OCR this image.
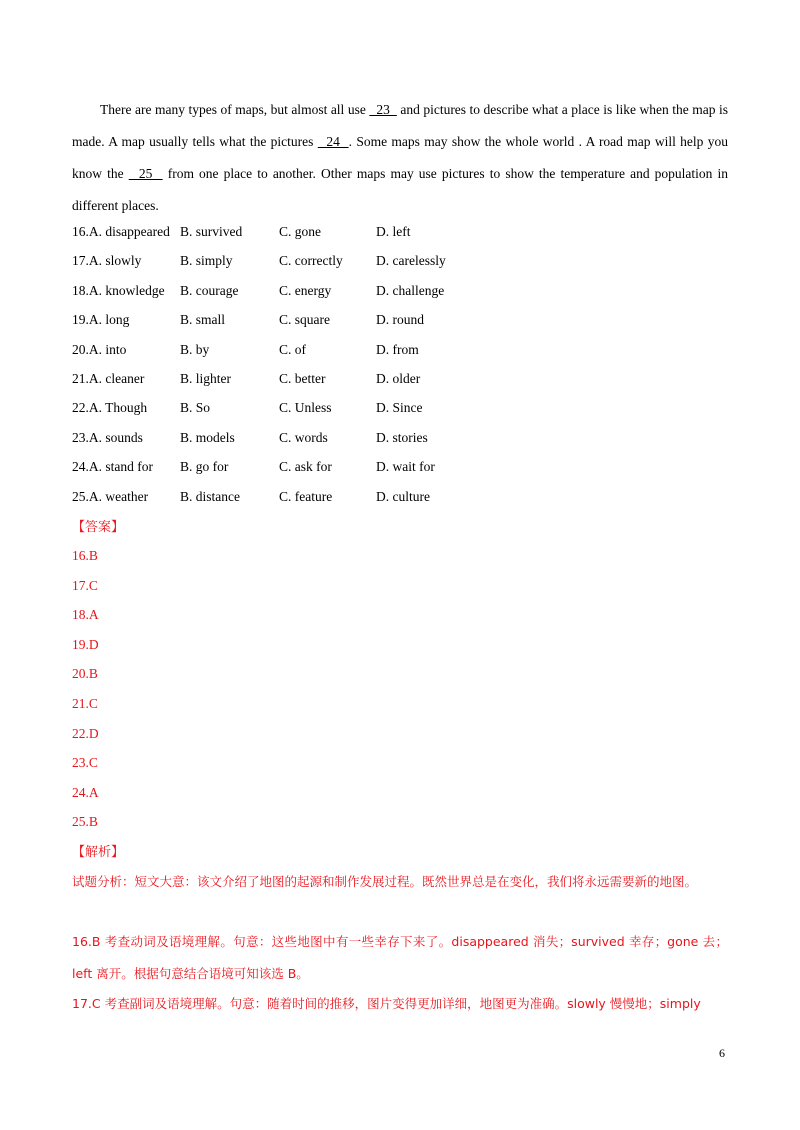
There are many types of maps, but almost all use   23   and pictures to describe what a place is like when the map is made. A map usually tells what the pictures   24  . Some maps may show the whole world . A road map will help you know the   25   from one place to another. Other maps may use pictures to show the temperature and population in different places.

16.A. disappeared B. survived	C. gone	D. left
17.A. slowly	B. simply	C. correctly D. carelessly
18.A. knowledge B. courage	C. energy	D. challenge
19.A. long	B. small	C. square	D. round
20.A. into	B. by	C. of	D. from
21.A. cleaner	B. lighter	C. better	D. older
22.A. Though B. So	C. Unless	D. Since
23.A. sounds	B. models	C. words	D. stories
24.A. stand for B. go for	C. ask for	D. wait for
25.A. weather B. distance	C. feature	D. culture
【答案】
16.B
17.C
18.A
19.D
20.B
21.C
22.D
23.C
24.A
25.B
【解析】

试题分析：短文大意：该文介绍了地图的起源和制作发展过程。既然世界总是在变化，我们将永远需要新的地图。

16.B 考查动词及语境理解。句意：这些地图中有一些幸存下来了。disappeared 消失；survived 幸存；gone 去；left 离开。根据句意结合语境可知该选 B。

17.C 考查副词及语境理解。句意：随着时间的推移，图片变得更加详细，地图更为准确。slowly 慢慢地；simply

6
